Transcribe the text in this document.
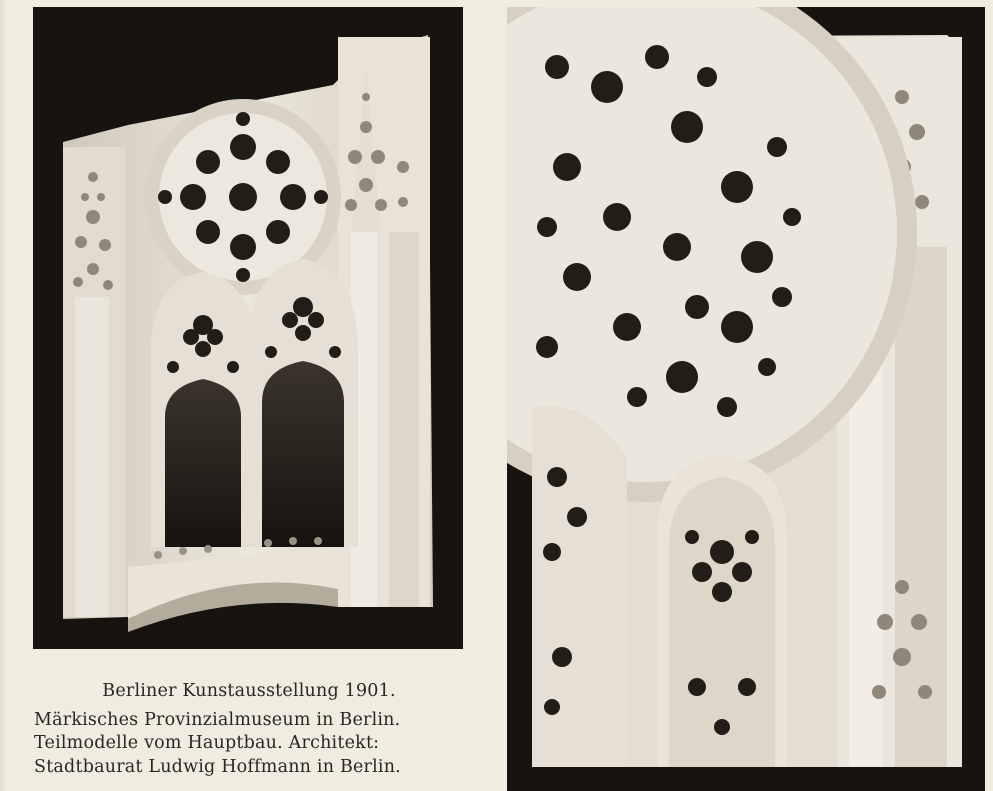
Berliner Kunstausstellung 1901.
Märkisches Provinzialmuseum in Berlin.
Teilmodelle vom Hauptbau. Architekt:
Stadtbaurat Ludwig Hoffmann in Berlin.
